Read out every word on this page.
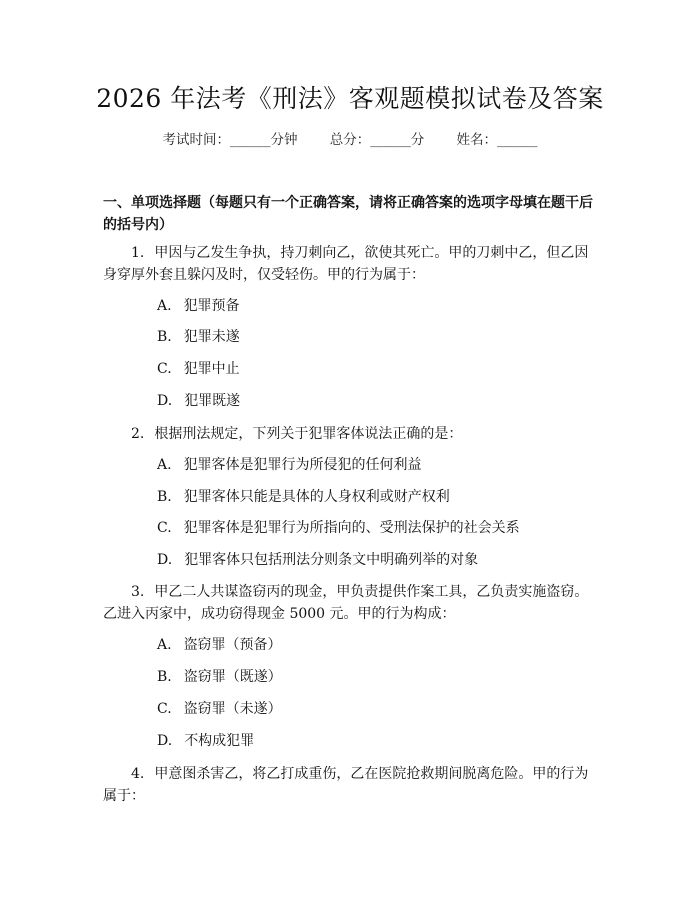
2026 年法考《刑法》客观题模拟试卷及答案
考试时间：______分钟 总分：______分 姓名：______
一、单项选择题（每题只有一个正确答案，请将正确答案的选项字母填在题干后的括号内）
1. 甲因与乙发生争执，持刀刺向乙，欲使其死亡。甲的刀刺中乙，但乙因身穿厚外套且躲闪及时，仅受轻伤。甲的行为属于：
A. 犯罪预备
B. 犯罪未遂
C. 犯罪中止
D. 犯罪既遂
2. 根据刑法规定，下列关于犯罪客体说法正确的是：
A. 犯罪客体是犯罪行为所侵犯的任何利益
B. 犯罪客体只能是具体的人身权利或财产权利
C. 犯罪客体是犯罪行为所指向的、受刑法保护的社会关系
D. 犯罪客体只包括刑法分则条文中明确列举的对象
3. 甲乙二人共谋盗窃丙的现金，甲负责提供作案工具，乙负责实施盗窃。乙进入丙家中，成功窃得现金 5000 元。甲的行为构成：
A. 盗窃罪（预备）
B. 盗窃罪（既遂）
C. 盗窃罪（未遂）
D. 不构成犯罪
4. 甲意图杀害乙，将乙打成重伤，乙在医院抢救期间脱离危险。甲的行为属于：
